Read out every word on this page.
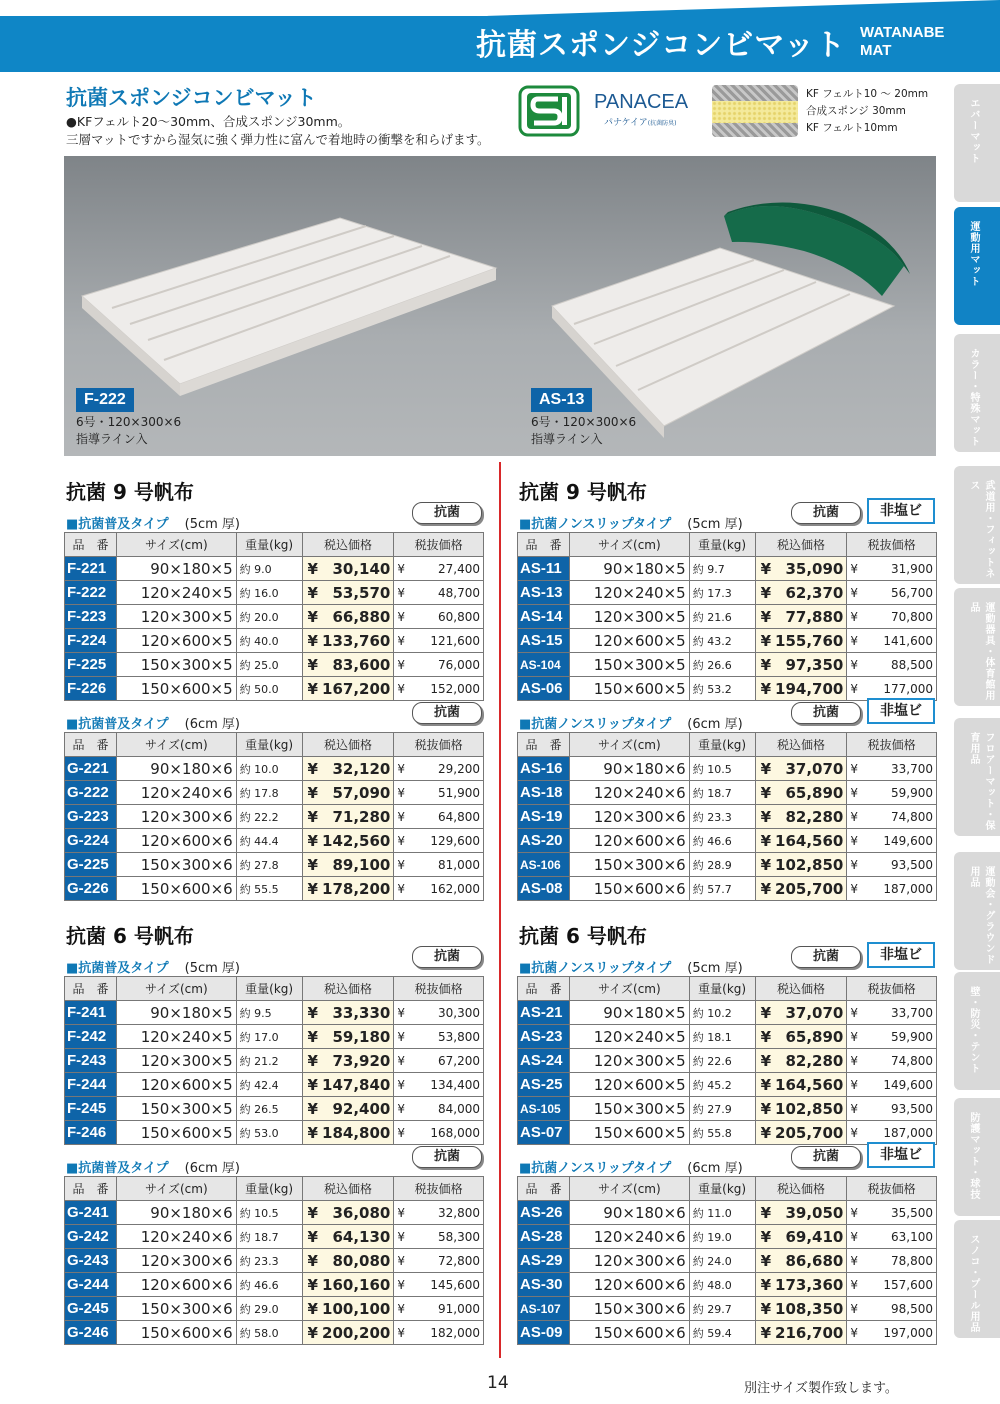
抗菌スポンジコンビマット WATANABE
MAT
抗菌スポンジコンビマット
●KFフェルト20～30mm、合成スポンジ30mm。
三層マットですから湿気に強く弾力性に富んで着地時の衝撃を和らげます。
PANACEA
パナケイア(抗菌防臭)
KF フェルト10 ～ 20mm
合成スポンジ 30mm
KF フェルト10mm
F-222
6号・120×300×6
指導ライン入
AS-13
6号・120×300×6
指導ライン入
抗菌 9 号帆布	抗菌 9 号帆布
抗菌 6 号帆布	抗菌 6 号帆布
■抗菌普及タイプ (5cm 厚)
抗菌
品　番	サイズ(cm)	重量(kg)	税込価格	税抜価格
F-221	90×180×5	約 9.0	¥ 30,140	¥ 27,400
F-222	120×240×5	約 16.0	¥ 53,570	¥ 48,700
F-223	120×300×5	約 20.0	¥ 66,880	¥ 60,800
F-224	120×600×5	約 40.0	¥ 133,760	¥ 121,600
F-225	150×300×5	約 25.0	¥ 83,600	¥ 76,000
F-226	150×600×5	約 50.0	¥ 167,200	¥ 152,000
■抗菌普及タイプ (6cm 厚)
抗菌
品　番	サイズ(cm)	重量(kg)	税込価格	税抜価格
G-221	90×180×6	約 10.0	¥ 32,120	¥ 29,200
G-222	120×240×6	約 17.8	¥ 57,090	¥ 51,900
G-223	120×300×6	約 22.2	¥ 71,280	¥ 64,800
G-224	120×600×6	約 44.4	¥ 142,560	¥ 129,600
G-225	150×300×6	約 27.8	¥ 89,100	¥ 81,000
G-226	150×600×6	約 55.5	¥ 178,200	¥ 162,000
■抗菌普及タイプ (5cm 厚)
抗菌
品　番	サイズ(cm)	重量(kg)	税込価格	税抜価格
F-241	90×180×5	約 9.5	¥ 33,330	¥ 30,300
F-242	120×240×5	約 17.0	¥ 59,180	¥ 53,800
F-243	120×300×5	約 21.2	¥ 73,920	¥ 67,200
F-244	120×600×5	約 42.4	¥ 147,840	¥ 134,400
F-245	150×300×5	約 26.5	¥ 92,400	¥ 84,000
F-246	150×600×5	約 53.0	¥ 184,800	¥ 168,000
■抗菌普及タイプ (6cm 厚)
抗菌
品　番	サイズ(cm)	重量(kg)	税込価格	税抜価格
G-241	90×180×6	約 10.5	¥ 36,080	¥ 32,800
G-242	120×240×6	約 18.7	¥ 64,130	¥ 58,300
G-243	120×300×6	約 23.3	¥ 80,080	¥ 72,800
G-244	120×600×6	約 46.6	¥ 160,160	¥ 145,600
G-245	150×300×6	約 29.0	¥ 100,100	¥ 91,000
G-246	150×600×6	約 58.0	¥ 200,200	¥ 182,000
■抗菌ノンスリップタイプ (5cm 厚)
抗菌	非塩ビ
品　番	サイズ(cm)	重量(kg)	税込価格	税抜価格
AS-11	90×180×5	約 9.7	¥ 35,090	¥ 31,900
AS-13	120×240×5	約 17.3	¥ 62,370	¥ 56,700
AS-14	120×300×5	約 21.6	¥ 77,880	¥ 70,800
AS-15	120×600×5	約 43.2	¥ 155,760	¥ 141,600
AS-104	150×300×5	約 26.6	¥ 97,350	¥ 88,500
AS-06	150×600×5	約 53.2	¥ 194,700	¥ 177,000
■抗菌ノンスリップタイプ (6cm 厚)
抗菌	非塩ビ
品　番	サイズ(cm)	重量(kg)	税込価格	税抜価格
AS-16	90×180×6	約 10.5	¥ 37,070	¥ 33,700
AS-18	120×240×6	約 18.7	¥ 65,890	¥ 59,900
AS-19	120×300×6	約 23.3	¥ 82,280	¥ 74,800
AS-20	120×600×6	約 46.6	¥ 164,560	¥ 149,600
AS-106	150×300×6	約 28.9	¥ 102,850	¥ 93,500
AS-08	150×600×6	約 57.7	¥ 205,700	¥ 187,000
■抗菌ノンスリップタイプ (5cm 厚)
抗菌	非塩ビ
品　番	サイズ(cm)	重量(kg)	税込価格	税抜価格
AS-21	90×180×5	約 10.2	¥ 37,070	¥ 33,700
AS-23	120×240×5	約 18.1	¥ 65,890	¥ 59,900
AS-24	120×300×5	約 22.6	¥ 82,280	¥ 74,800
AS-25	120×600×5	約 45.2	¥ 164,560	¥ 149,600
AS-105	150×300×5	約 27.9	¥ 102,850	¥ 93,500
AS-07	150×600×5	約 55.8	¥ 205,700	¥ 187,000
■抗菌ノンスリップタイプ (6cm 厚)
抗菌	非塩ビ
品　番	サイズ(cm)	重量(kg)	税込価格	税抜価格
AS-26	90×180×6	約 11.0	¥ 39,050	¥ 35,500
AS-28	120×240×6	約 19.0	¥ 69,410	¥ 63,100
AS-29	120×300×6	約 24.0	¥ 86,680	¥ 78,800
AS-30	120×600×6	約 48.0	¥ 173,360	¥ 157,600
AS-107	150×300×6	約 29.7	¥ 108,350	¥ 98,500
AS-09	150×600×6	約 59.4	¥ 216,700	¥ 197,000
エバーマット
運動用マット
カラー・特殊マット
武道用・フィットネス
運動器具・体育館用品
フロアーマット・保育用品
運動会・グラウンド用品
壁・防災・テント
防護マット・球技
スノコ・プール用品
14	別注サイズ製作致します。
